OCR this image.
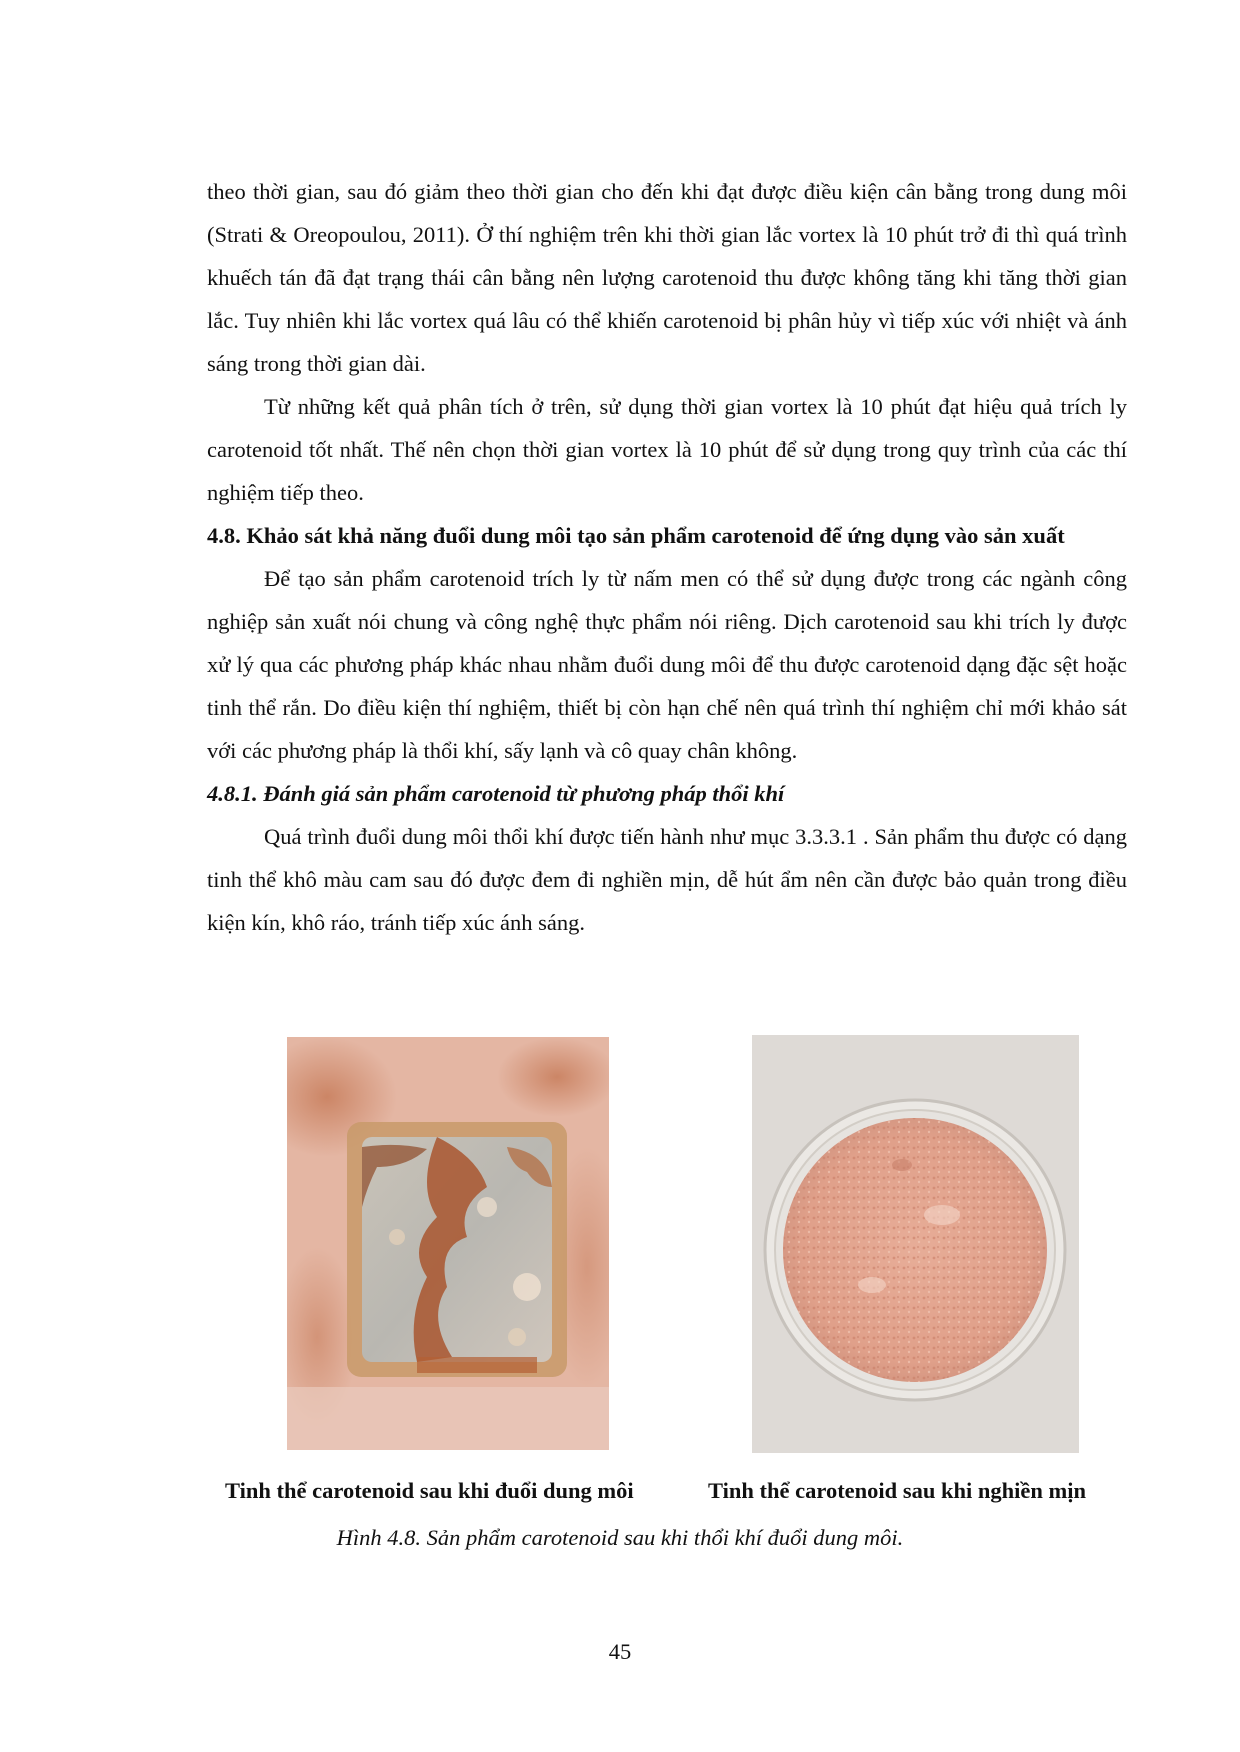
theo thời gian, sau đó giảm theo thời gian cho đến khi đạt được điều kiện cân bằng trong dung môi (Strati & Oreopoulou, 2011). Ở thí nghiệm trên khi thời gian lắc vortex là 10 phút trở đi thì quá trình khuếch tán đã đạt trạng thái cân bằng nên lượng carotenoid thu được không tăng khi tăng thời gian lắc. Tuy nhiên khi lắc vortex quá lâu có thể khiến carotenoid bị phân hủy vì tiếp xúc với nhiệt và ánh sáng trong thời gian dài.

Từ những kết quả phân tích ở trên, sử dụng thời gian vortex là 10 phút đạt hiệu quả trích ly carotenoid tốt nhất. Thế nên chọn thời gian vortex là 10 phút để sử dụng trong quy trình của các thí nghiệm tiếp theo.

4.8. Khảo sát khả năng đuổi dung môi tạo sản phẩm carotenoid để ứng dụng vào sản xuất

Để tạo sản phẩm carotenoid trích ly từ nấm men có thể sử dụng được trong các ngành công nghiệp sản xuất nói chung và công nghệ thực phẩm nói riêng. Dịch carotenoid sau khi trích ly được xử lý qua các phương pháp khác nhau nhằm đuổi dung môi để thu được carotenoid dạng đặc sệt hoặc tinh thể rắn. Do điều kiện thí nghiệm, thiết bị còn hạn chế nên quá trình thí nghiệm chỉ mới khảo sát với các phương pháp là thổi khí, sấy lạnh và cô quay chân không.

4.8.1. Đánh giá sản phẩm carotenoid từ phương pháp thổi khí

Quá trình đuổi dung môi thổi khí được tiến hành như mục 3.3.3.1 . Sản phẩm thu được có dạng tinh thể khô màu cam sau đó được đem đi nghiền mịn, dễ hút ẩm nên cần được bảo quản trong điều kiện kín, khô ráo, tránh tiếp xúc ánh sáng.

Tinh thể carotenoid sau khi đuổi dung môi	Tinh thể carotenoid sau khi nghiền mịn
Hình 4.8. Sản phẩm carotenoid sau khi thổi khí đuổi dung môi.
45
